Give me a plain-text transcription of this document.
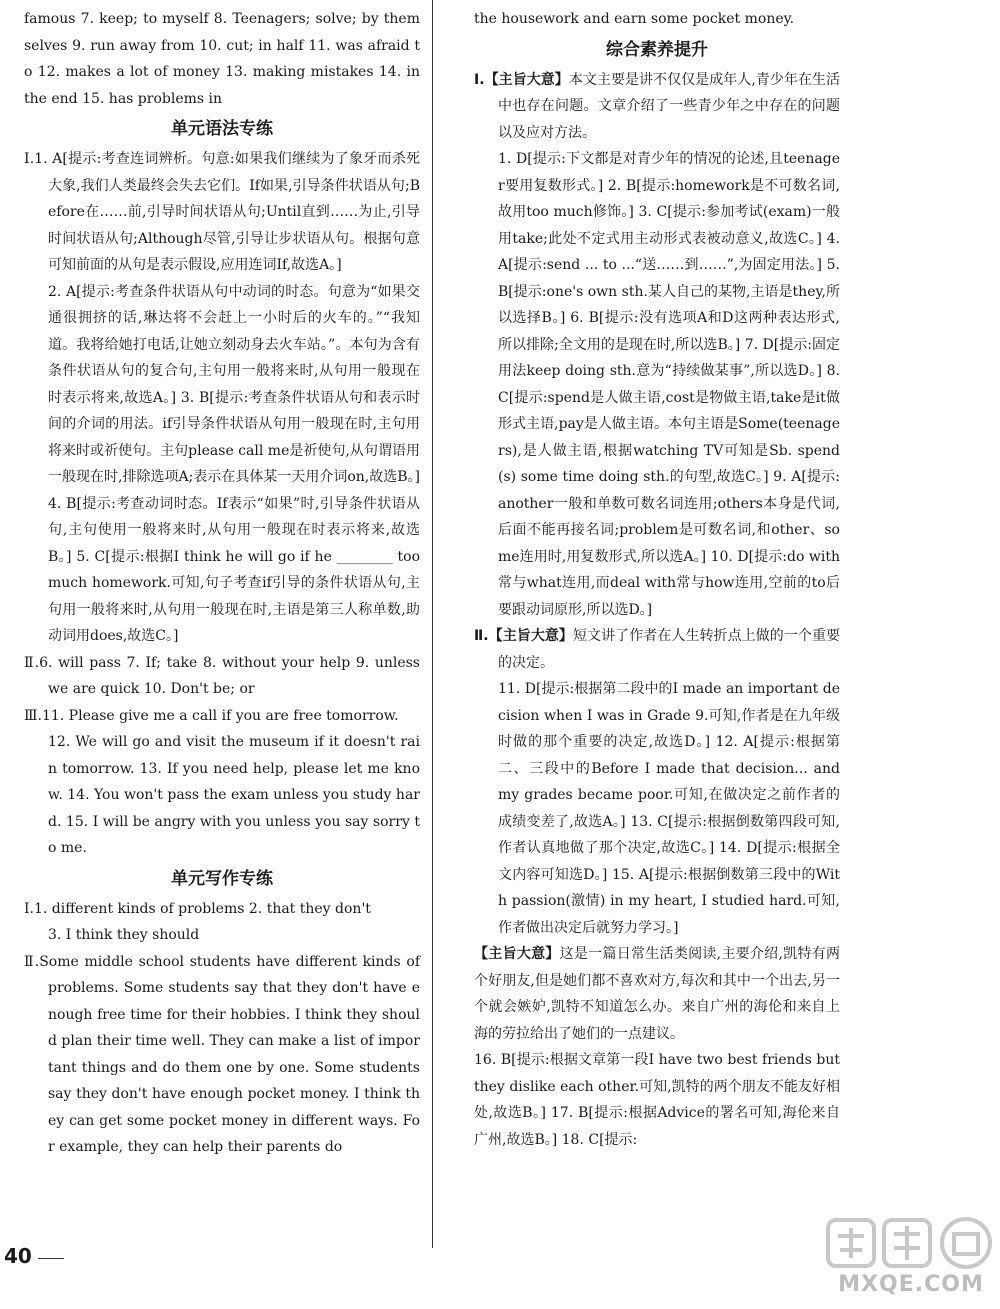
famous 7. keep; to myself 8. Teenagers; solve; by themselves 9. run away from 10. cut; in half 11. was afraid to 12. makes a lot of money 13. making mistakes 14. in the end 15. has problems in

单元语法专练

Ⅰ.1. A[提示:考查连词辨析。句意:如果我们继续为了象牙而杀死大象,我们人类最终会失去它们。If如果,引导条件状语从句;Before在……前,引导时间状语从句;Until直到……为止,引导时间状语从句;Although尽管,引导让步状语从句。根据句意可知前面的从句是表示假设,应用连词If,故选A。]

2. A[提示:考查条件状语从句中动词的时态。句意为“如果交通很拥挤的话,琳达将不会赶上一小时后的火车的。”“我知道。我将给她打电话,让她立刻动身去火车站。”。本句为含有条件状语从句的复合句,主句用一般将来时,从句用一般现在时表示将来,故选A。] 3. B[提示:考查条件状语从句和表示时间的介词的用法。if引导条件状语从句用一般现在时,主句用将来时或祈使句。主句please call me是祈使句,从句谓语用一般现在时,排除选项A;表示在具体某一天用介词on,故选B。] 4. B[提示:考查动词时态。If表示“如果”时,引导条件状语从句,主句使用一般将来时,从句用一般现在时表示将来,故选B。] 5. C[提示:根据I think he will go if he ________ too much homework.可知,句子考查if引导的条件状语从句,主句用一般将来时,从句用一般现在时,主语是第三人称单数,助动词用does,故选C。]

Ⅱ.6. will pass 7. If; take 8. without your help 9. unless we are quick 10. Don't be; or

Ⅲ.11. Please give me a call if you are free tomorrow.

12. We will go and visit the museum if it doesn't rain tomorrow. 13. If you need help, please let me know. 14. You won't pass the exam unless you study hard. 15. I will be angry with you unless you say sorry to me.

单元写作专练

Ⅰ.1. different kinds of problems 2. that they don't

3. I think they should

Ⅱ.Some middle school students have different kinds of problems. Some students say that they don't have enough free time for their hobbies. I think they should plan their time well. They can make a list of important things and do them one by one. Some students say they don't have enough pocket money. I think they can get some pocket money in different ways. For example, they can help their parents do

the housework and earn some pocket money.

综合素养提升

Ⅰ.【主旨大意】本文主要是讲不仅仅是成年人,青少年在生活中也存在问题。文章介绍了一些青少年之中存在的问题以及应对方法。

1. D[提示:下文都是对青少年的情况的论述,且teenager要用复数形式。] 2. B[提示:homework是不可数名词,故用too much修饰。] 3. C[提示:参加考试(exam)一般用take;此处不定式用主动形式表被动意义,故选C。] 4. A[提示:send ... to ...“送……到……”,为固定用法。] 5. B[提示:one's own sth.某人自己的某物,主语是they,所以选择B。] 6. B[提示:没有选项A和D这两种表达形式,所以排除;全文用的是现在时,所以选B。] 7. D[提示:固定用法keep doing sth.意为“持续做某事”,所以选D。] 8. C[提示:spend是人做主语,cost是物做主语,take是it做形式主语,pay是人做主语。本句主语是Some(teenagers),是人做主语,根据watching TV可知是Sb. spend(s) some time doing sth.的句型,故选C。] 9. A[提示:another一般和单数可数名词连用;others本身是代词,后面不能再接名词;problem是可数名词,和other、some连用时,用复数形式,所以选A。] 10. D[提示:do with常与what连用,而deal with常与how连用,空前的to后要跟动词原形,所以选D。]

Ⅱ.【主旨大意】短文讲了作者在人生转折点上做的一个重要的决定。

11. D[提示:根据第二段中的I made an important decision when I was in Grade 9.可知,作者是在九年级时做的那个重要的决定,故选D。] 12. A[提示:根据第二、三段中的Before I made that decision... and my grades became poor.可知,在做决定之前作者的成绩变差了,故选A。] 13. C[提示:根据倒数第四段可知,作者认真地做了那个决定,故选C。] 14. D[提示:根据全文内容可知选D。] 15. A[提示:根据倒数第三段中的With passion(激情) in my heart, I studied hard.可知,作者做出决定后就努力学习。]

【主旨大意】这是一篇日常生活类阅读,主要介绍,凯特有两个好朋友,但是她们都不喜欢对方,每次和其中一个出去,另一个就会嫉妒,凯特不知道怎么办。来自广州的海伦和来自上海的劳拉给出了她们的一点建议。

16. B[提示:根据文章第一段I have two best friends but they dislike each other.可知,凯特的两个朋友不能友好相处,故选B。] 17. B[提示:根据Advice的署名可知,海伦来自广州,故选B。] 18. C[提示:

40
MXQE.COM
